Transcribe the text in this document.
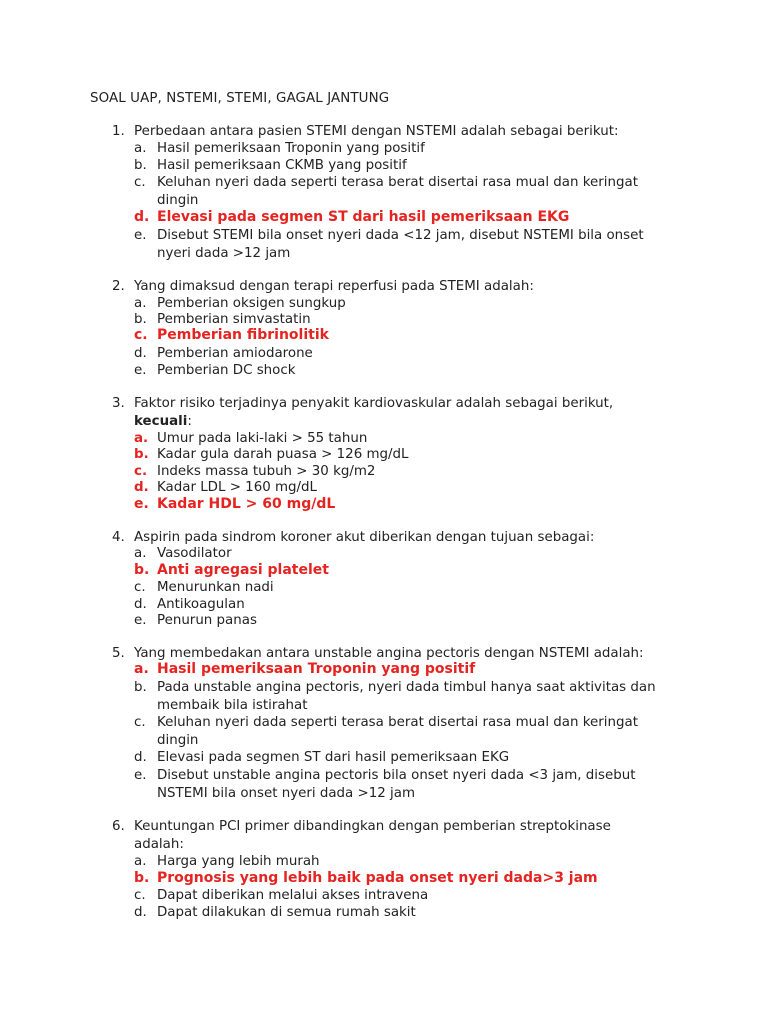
SOAL UAP, NSTEMI, STEMI, GAGAL JANTUNG
1. Perbedaan antara pasien STEMI dengan NSTEMI adalah sebagai berikut:
a. Hasil pemeriksaan Troponin yang positif
b. Hasil pemeriksaan CKMB yang positif
c. Keluhan nyeri dada seperti terasa berat disertai rasa mual dan keringat
dingin
d. Elevasi pada segmen ST dari hasil pemeriksaan EKG
e. Disebut STEMI bila onset nyeri dada <12 jam, disebut NSTEMI bila onset
nyeri dada >12 jam
2. Yang dimaksud dengan terapi reperfusi pada STEMI adalah:
a. Pemberian oksigen sungkup
b. Pemberian simvastatin
c. Pemberian fibrinolitik
d. Pemberian amiodarone
e. Pemberian DC shock
3. Faktor risiko terjadinya penyakit kardiovaskular adalah sebagai berikut,
kecuali:
a. Umur pada laki-laki > 55 tahun
b. Kadar gula darah puasa > 126 mg/dL
c. Indeks massa tubuh > 30 kg/m2
d. Kadar LDL > 160 mg/dL
e. Kadar HDL > 60 mg/dL
4. Aspirin pada sindrom koroner akut diberikan dengan tujuan sebagai:
a. Vasodilator
b. Anti agregasi platelet
c. Menurunkan nadi
d. Antikoagulan
e. Penurun panas
5. Yang membedakan antara unstable angina pectoris dengan NSTEMI adalah:
a. Hasil pemeriksaan Troponin yang positif
b. Pada unstable angina pectoris, nyeri dada timbul hanya saat aktivitas dan
membaik bila istirahat
c. Keluhan nyeri dada seperti terasa berat disertai rasa mual dan keringat
dingin
d. Elevasi pada segmen ST dari hasil pemeriksaan EKG
e. Disebut unstable angina pectoris bila onset nyeri dada <3 jam, disebut
NSTEMI bila onset nyeri dada >12 jam
6. Keuntungan PCI primer dibandingkan dengan pemberian streptokinase
adalah:
a. Harga yang lebih murah
b. Prognosis yang lebih baik pada onset nyeri dada>3 jam
c. Dapat diberikan melalui akses intravena
d. Dapat dilakukan di semua rumah sakit
